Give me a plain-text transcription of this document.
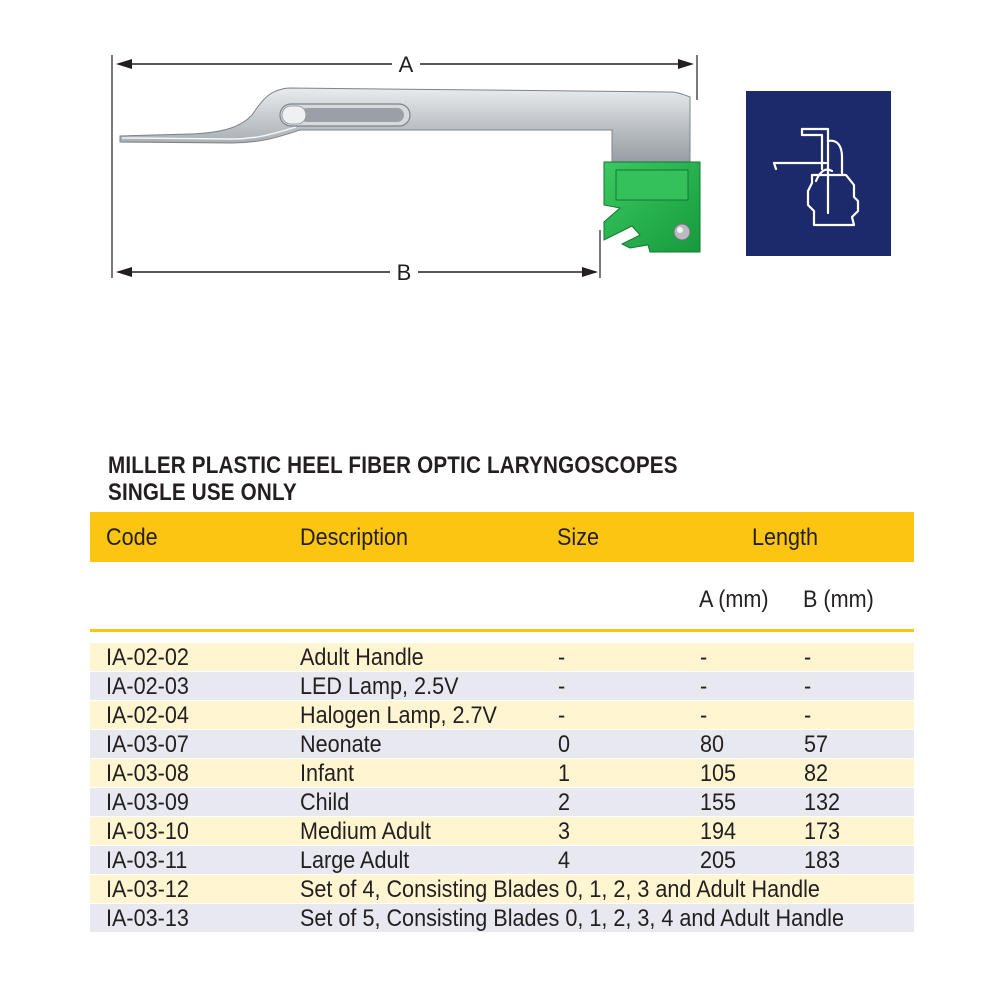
A
B
MILLER PLASTIC HEEL FIBER OPTIC LARYNGOSCOPES
SINGLE USE ONLY
Code	Description	Size	Length
A (mm) B (mm)
IA-02-02	Adult Handle	-	-	-
IA-02-03	LED Lamp, 2.5V	-	-	-
IA-02-04	Halogen Lamp, 2.7V	-	-	-
IA-03-07	Neonate	0	80	57
IA-03-08	Infant	1	105	82
IA-03-09	Child	2	155	132
IA-03-10	Medium Adult	3	194	173
IA-03-11	Large Adult	4	205	183
IA-03-12	Set of 4, Consisting Blades 0, 1, 2, 3 and Adult Handle
IA-03-13	Set of 5, Consisting Blades 0, 1, 2, 3, 4 and Adult Handle
